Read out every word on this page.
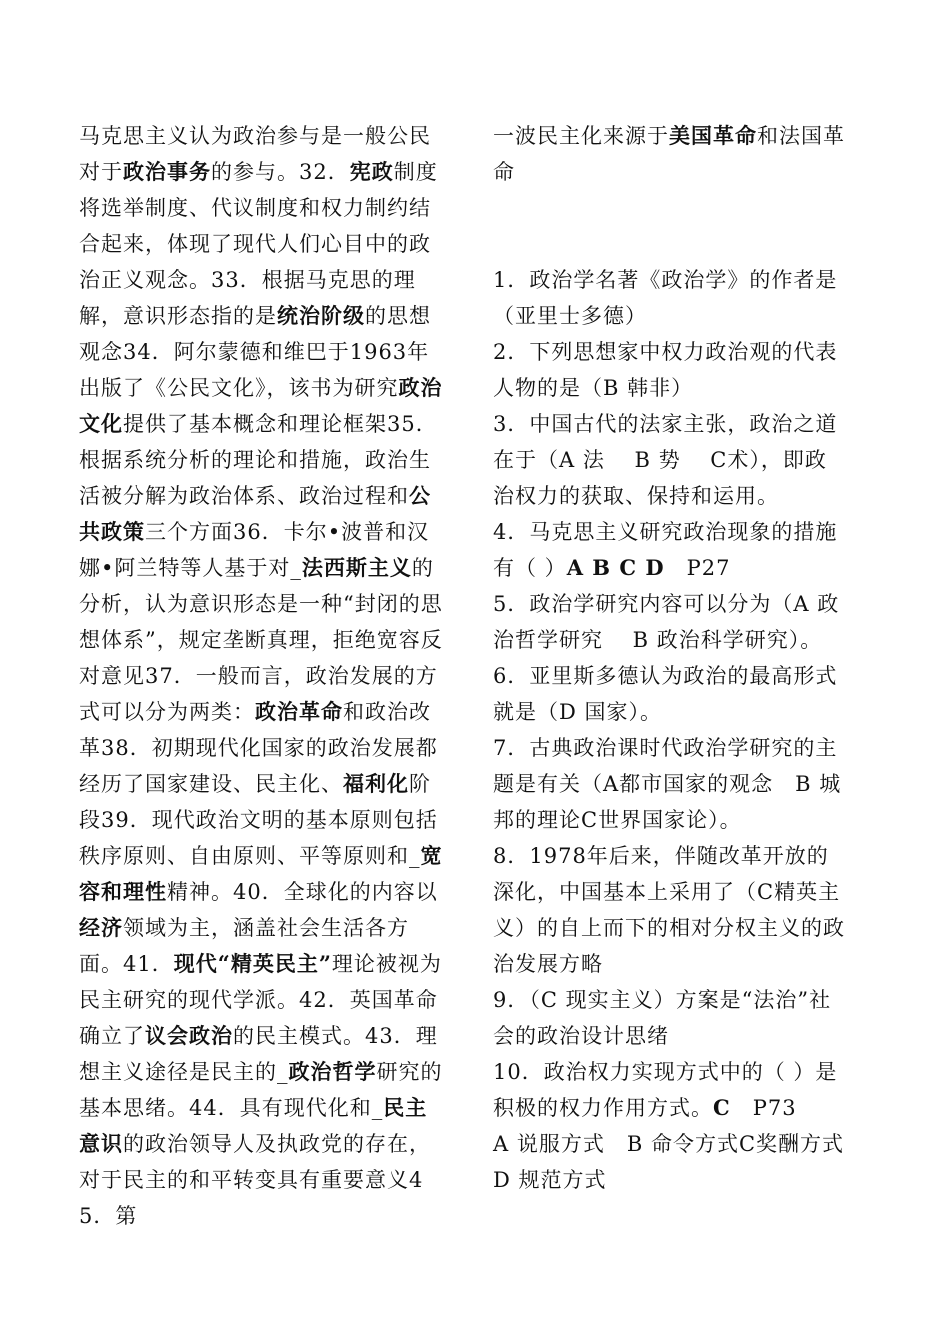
马克思主义认为政治参与是一般公民对于政治事务的参与。32．宪政制度将选举制度、代议制度和权力制约结合起来，体现了现代人们心目中的政治正义观念。33．根据马克思的理解，意识形态指的是统治阶级的思想观念34．阿尔蒙德和维巴于1963年出版了《公民文化》，该书为研究政治文化提供了基本概念和理论框架35．根据系统分析的理论和措施，政治生活被分解为政治体系、政治过程和公共政策三个方面36．卡尔•波普和汉娜•阿兰特等人基于对_法西斯主义的分析，认为意识形态是一种“封闭的思想体系”，规定垄断真理，拒绝宽容反对意见37．一般而言，政治发展的方式可以分为两类：政治革命和政治改革38．初期现代化国家的政治发展都经历了国家建设、民主化、福利化阶段39．现代政治文明的基本原则包括秩序原则、自由原则、平等原则和_宽容和理性精神。40．全球化的内容以经济领域为主，涵盖社会生活各方面。41．现代“精英民主”理论被视为民主研究的现代学派。42．英国革命确立了议会政治的民主模式。43．理想主义途径是民主的_政治哲学研究的基本思绪。44．具有现代化和_民主意识的政治领导人及执政党的存在，对于民主的和平转变具有重要意义45．第

一波民主化来源于美国革命和法国革命

1．政治学名著《政治学》的作者是（亚里士多德）

2．下列思想家中权力政治观的代表人物的是（B 韩非）

3．中国古代的法家主张，政治之道在于（A 法　 B 势　 C术），即政治权力的获取、保持和运用。

4．马克思主义研究政治现象的措施有（ ）A B C D　P27

5．政治学研究内容可以分为（A 政治哲学研究　 B 政治科学研究）。

6．亚里斯多德认为政治的最高形式就是（D 国家）。

7．古典政治课时代政治学研究的主题是有关（A都市国家的观念　B 城邦的理论C世界国家论）。

8．1978年后来，伴随改革开放的深化，中国基本上采用了（C精英主义）的自上而下的相对分权主义的政治发展方略

9．（C 现实主义）方案是“法治”社会的政治设计思绪

10．政治权力实现方式中的（ ）是积极的权力作用方式。C　P73

A 说服方式　B 命令方式C奖酬方式　D 规范方式
